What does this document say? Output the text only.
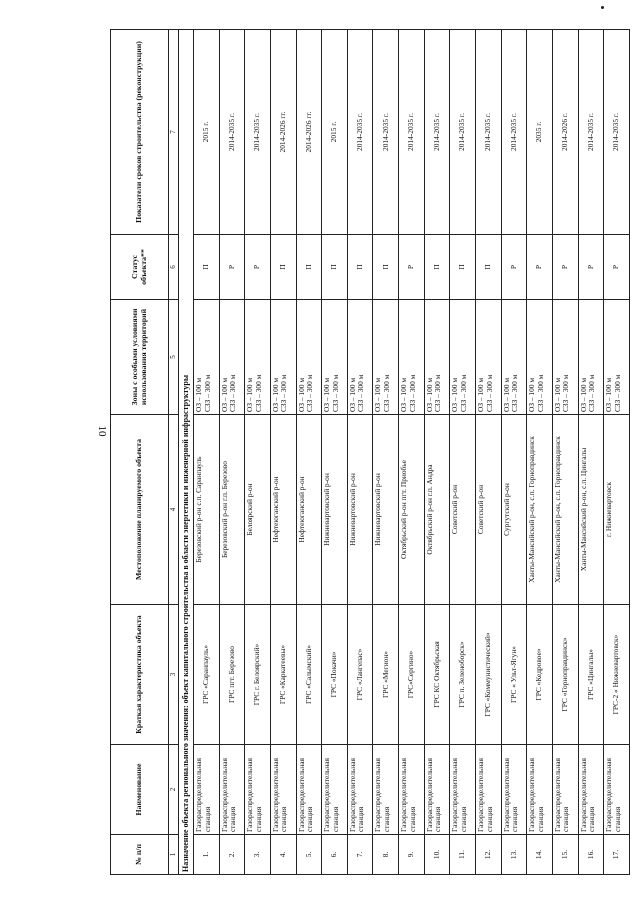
10
№ п/п	Наименование	Краткая характеристика объекта	Местоположение планируемого объекта	Зоны с особыми условиями использования территорий	Статус объекта**	Показатели сроков строительства (реконструкции)
1	2	3	4	5	6	7
Назначение объекта регионального значения: объект капитального строительства в области энергетики и инженерной инфраструктуры						
1.	Газораспределительная станция	ГРС «Саранпауль»	Березовский р-он с.п. Саранпауль	ОЗ – 100 м СЗЗ – 300 м	П	2015 г.
2.	Газораспределительная станция	ГРС пгт. Березово	Березовский р-он г.п. Березово	ОЗ – 100 м СЗЗ – 300 м	Р	2014-2035 г.
3.	Газораспределительная станция	ГРС г. Белоярский»	Белоярский р-он	ОЗ – 100 м СЗЗ – 300 м	Р	2014-2035 г.
4.	Газораспределительная станция	ГРС «Каркатеевы»	Нефтеюганский р-он	ОЗ – 100 м СЗЗ – 300 м	П	2014-2026 гг.
5.	Газораспределительная станция	ГРС «Салымский»	Нефтеюганский р-он	ОЗ – 100 м СЗЗ – 300 м	П	2014-2026 гг.
6.	Газораспределительная станция	ГРС «Покачи»	Нижневартовский р-он	ОЗ – 100 м СЗЗ – 300 м	П	2015 г.
7.	Газораспределительная станция	ГРС «Лангепас»	Нижневартовский р-он	ОЗ – 100 м СЗЗ – 300 м	П	2014-2035 г.
8.	Газораспределительная станция	ГРС «Мегион»	Нижневартовский р-он	ОЗ – 100 м СЗЗ – 300 м	П	2014-2035 г.
9.	Газораспределительная станция	ГРС«Сергино»	Октябрьский р-он пгт. Приобье	ОЗ – 100 м СЗЗ – 300 м	Р	2014-2035 г.
10.	Газораспределительная станция	ГРС КС Октябрьская	Октябрьский р-он г.п. Андра	ОЗ – 100 м СЗЗ – 300 м	П	2014-2035 г.
11.	Газораспределительная станция	ГРС п. Зеленоборск»	Советский р-он	ОЗ – 100 м СЗЗ – 300 м	П	2014-2035 г.
12.	Газораспределительная станция	ГРС «Коммунистический»	Советский р-он	ОЗ – 100 м СЗЗ – 300 м	П	2014-2035 г.
13.	Газораспределительная станция	ГРС « Ульт-Ягун»	Сургутский р-он	ОЗ – 100 м СЗЗ – 300 м	Р	2014-2035 г.
14.	Газораспределительная станция	ГРС «Кедровое»	Ханты-Мансийский р-он, с.п. Горноправдинск	ОЗ – 100 м СЗЗ – 300 м	Р	2035 г.
15.	Газораспределительная станция	ГРС «Горноправдинск»	Ханты-Мансийский р-он, с.п. Горноправдинск	ОЗ – 100 м СЗЗ – 300 м	Р	2014-2026 г.
16.	Газораспределительная станция	ГРС «Цингалы»	Ханты-Мансийский р-он, с.п. Цингалы	ОЗ – 100 м СЗЗ – 300 м	Р	2014-2035 г.
17.	Газораспределительная станция	ГРС-2 « Нижневартовск»	г. Нижневартовск	ОЗ – 100 м СЗЗ – 300 м	Р	2014-2035 г.
